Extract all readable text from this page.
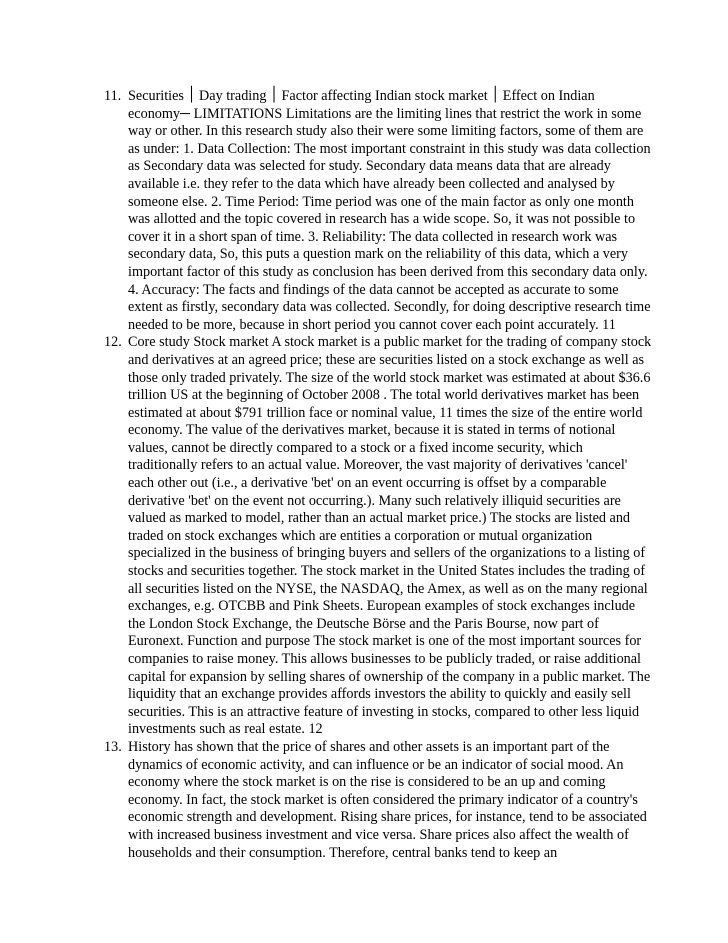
11. Securities ׀ Day trading ׀ Factor affecting Indian stock market ׀ Effect on Indian economy─ LIMITATIONS Limitations are the limiting lines that restrict the work in some way or other. In this research study also their were some limiting factors, some of them are as under: 1. Data Collection: The most important constraint in this study was data collection as Secondary data was selected for study. Secondary data means data that are already available i.e. they refer to the data which have already been collected and analysed by someone else. 2. Time Period: Time period was one of the main factor as only one month was allotted and the topic covered in research has a wide scope. So, it was not possible to cover it in a short span of time. 3. Reliability: The data collected in research work was secondary data, So, this puts a question mark on the reliability of this data, which a very important factor of this study as conclusion has been derived from this secondary data only. 4. Accuracy: The facts and findings of the data cannot be accepted as accurate to some extent as firstly, secondary data was collected. Secondly, for doing descriptive research time needed to be more, because in short period you cannot cover each point accurately. 11
12. Core study Stock market A stock market is a public market for the trading of company stock and derivatives at an agreed price; these are securities listed on a stock exchange as well as those only traded privately. The size of the world stock market was estimated at about $36.6 trillion US at the beginning of October 2008 . The total world derivatives market has been estimated at about $791 trillion face or nominal value, 11 times the size of the entire world economy. The value of the derivatives market, because it is stated in terms of notional values, cannot be directly compared to a stock or a fixed income security, which traditionally refers to an actual value. Moreover, the vast majority of derivatives 'cancel' each other out (i.e., a derivative 'bet' on an event occurring is offset by a comparable derivative 'bet' on the event not occurring.). Many such relatively illiquid securities are valued as marked to model, rather than an actual market price.) The stocks are listed and traded on stock exchanges which are entities a corporation or mutual organization specialized in the business of bringing buyers and sellers of the organizations to a listing of stocks and securities together. The stock market in the United States includes the trading of all securities listed on the NYSE, the NASDAQ, the Amex, as well as on the many regional exchanges, e.g. OTCBB and Pink Sheets. European examples of stock exchanges include the London Stock Exchange, the Deutsche Börse and the Paris Bourse, now part of Euronext. Function and purpose The stock market is one of the most important sources for companies to raise money. This allows businesses to be publicly traded, or raise additional capital for expansion by selling shares of ownership of the company in a public market. The liquidity that an exchange provides affords investors the ability to quickly and easily sell securities. This is an attractive feature of investing in stocks, compared to other less liquid investments such as real estate. 12
13. History has shown that the price of shares and other assets is an important part of the dynamics of economic activity, and can influence or be an indicator of social mood. An economy where the stock market is on the rise is considered to be an up and coming economy. In fact, the stock market is often considered the primary indicator of a country's economic strength and development. Rising share prices, for instance, tend to be associated with increased business investment and vice versa. Share prices also affect the wealth of households and their consumption. Therefore, central banks tend to keep an
